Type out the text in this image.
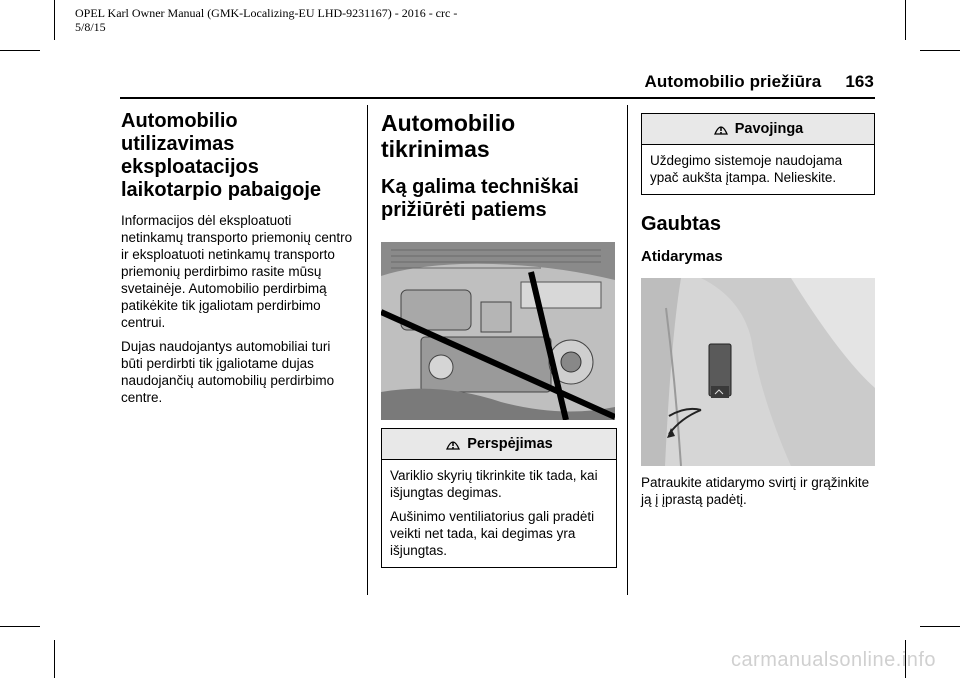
OPEL Karl Owner Manual (GMK-Localizing-EU LHD-9231167) - 2016 - crc -
5/8/15
Automobilio priežiūra 163
Automobilio utilizavimas eksploatacijos laikotarpio pabaigoje

Informacijos dėl eksploatuoti netinkamų transporto priemonių centro ir eksploatuoti netinkamų transporto priemonių perdirbimo rasite mūsų svetainėje. Automobilio perdirbimą patikėkite tik įgaliotam perdirbimo centrui.

Dujas naudojantys automobiliai turi būti perdirbti tik įgaliotame dujas naudojančių automobilių perdirbimo centre.

Automobilio tikrinimas
Ką galima techniškai prižiūrėti patiems
Perspėjimas

Variklio skyrių tikrinkite tik tada, kai išjungtas degimas.

Aušinimo ventiliatorius gali pradėti veikti net tada, kai degimas yra išjungtas.

Pavojinga

Uždegimo sistemoje naudojama ypač aukšta įtampa. Nelieskite.

Gaubtas
Atidarymas

Patraukite atidarymo svirtį ir grąžinkite ją į įprastą padėtį.

carmanualsonline.info
